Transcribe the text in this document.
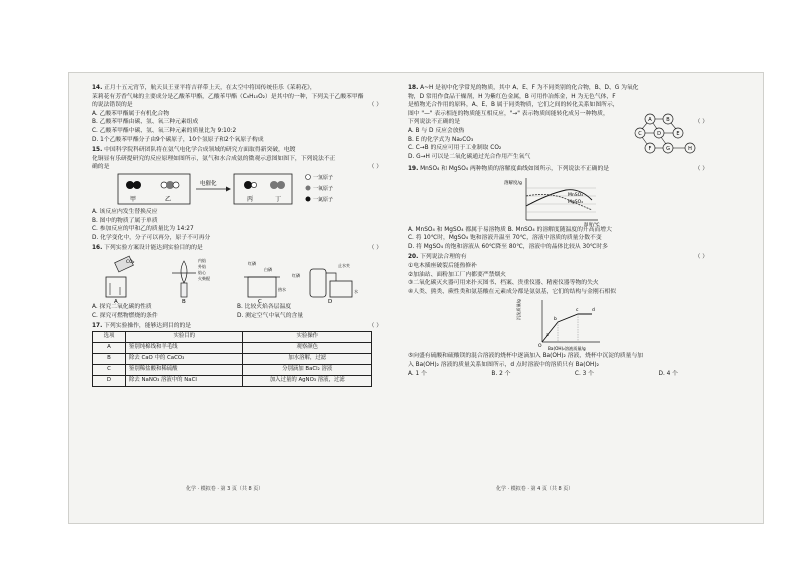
14. 正月十五元宵节，航天员王亚平将吉祥带上天，在太空中将国传统佳乐《茉莉花》，
茉莉花有芳香气味的主要成分是乙酸苯甲酯，乙酸苯甲酯（C₉H₁₀O₂）是其中的一种，下列关于乙酸苯甲酯
的说法错误的是	（ ）
A. 乙酸苯甲酯属于有机化合物
B. 乙酸苯甲酯由碳、氢、氧三种元素组成
C. 乙酸苯甲酯中碳、氢、氧三种元素的质量比为 9:10:2
D. 1个乙酸苯甲酯分子由9个碳原子，10个氢原子和2个氧原子构成
15. 中国科学院科研团队将在氨气电化学合成领域的研究方面取得新突破，电镀
化铜显有乐研提研究的反应原理如图所示，氨气和水合成氨的微观示意图如图下，下列说法不正
确的是	（ ）
甲	乙
电催化
丙	丁
一氢原子
一氧原子
一氮原子
A. 该反应内发生替换反应
B. 图中的物质了属于单质
C. 参加反应的甲和乙的质量比为 14:27
D. 化学变化中，分子可以再分，原子不可再分
16. 下列实验方案设计能达到实验目的的是	（ ）
CO₂	内焰
外焰
焰心
火柴棍
红磷
白磷
热水
止水夹
红磷
水
A	B	C	D
A. 探究二氧化碳的性质	B. 比较火焰各层温度
C. 探究可燃物燃烧的条件	D. 测定空气中氧气的含量
17. 下列实验操作，能够达到目的的是	（ ）
选项	实验目的	实验操作
A	鉴别纯棉线和羊毛线	观察颜色
B	除去 CaO 中的 CaCO₃	加水溶解，过滤
C	鉴别稀盐酸和稀硫酸	分别滴加 BaCl₂ 溶液
D	除去 NaNO₃ 溶液中的 NaCl	加入过量的 AgNO₃ 溶液，过滤
化学 · 模拟卷 · 第 3 页（共 8 页）
18. A~H 是初中化学常见的物质，其中 A、E、F 为不同类别的化合物，B、D、G 为氧化
物，D 常用作食品干燥剂，H 为紫红色金属，B 可用作冶炼金，H 为无色气体，F
是植物光合作用的原料，A、E、B 属于同类物质，它们之间的转化关系如图所示，
图中 "—" 表示相连的物质能互相反应，"→" 表示物质间能转化成另一种物质，
下列说法不正确的是	（ ）
A. B 与 D 反应会放热
B. E 的化学式为 Na₂CO₃
C. C→B 的反应可用于工业制取 CO₂
D. G→H 可以是二氧化碳通过光合作用产生氧气
A	B
C	D	E
F	G	H
19. MnSO₄ 和 MgSO₄ 两种物质的溶解度曲线如图所示，下列说法不正确的是	（ ）
MnSO₄
MgSO₄
溶解度/g
温度/℃
A. MnSO₄ 和 MgSO₄ 都属于易溶物质 B. MnSO₄ 的溶解度随温度的升高而增大
C. 将 10℃时，MgSO₄ 饱和溶液升温至 70℃，溶液中溶质的质量分数不变
D. 将 MgSO₄ 的饱和溶液从 60℃降至 80℃，溶液中的晶体比较从 30℃时多
20. 下列说法合理的有	（ ）
①电木插座破裂后能热修补
②加油站、面粉加工厂内都要严禁烟火
③二氧化碳灭火器可用来扑灭图书、档案、贵重仪器、精密仪器等物的失火
④人类、熊类、蕨性类和氨基酸在元素成分都是氨氨基，它们的结构与金刚石相似
沉淀质量/g
Ba(OH)₂溶液质量/g
O
a
b
c	d
⑤向盛有硫酸和硫酸镁的混合溶液的烧杯中逐滴加入 Ba(OH)₂ 溶液，烧杯中沉淀的质量与加
入 Ba(OH)₂ 溶液的质量关系如图所示，d 点时溶液中的溶质只有 Ba(OH)₂
A. 1 个	B. 2 个	C. 3 个	D. 4 个
化学 · 模拟卷 · 第 4 页（共 8 页）
